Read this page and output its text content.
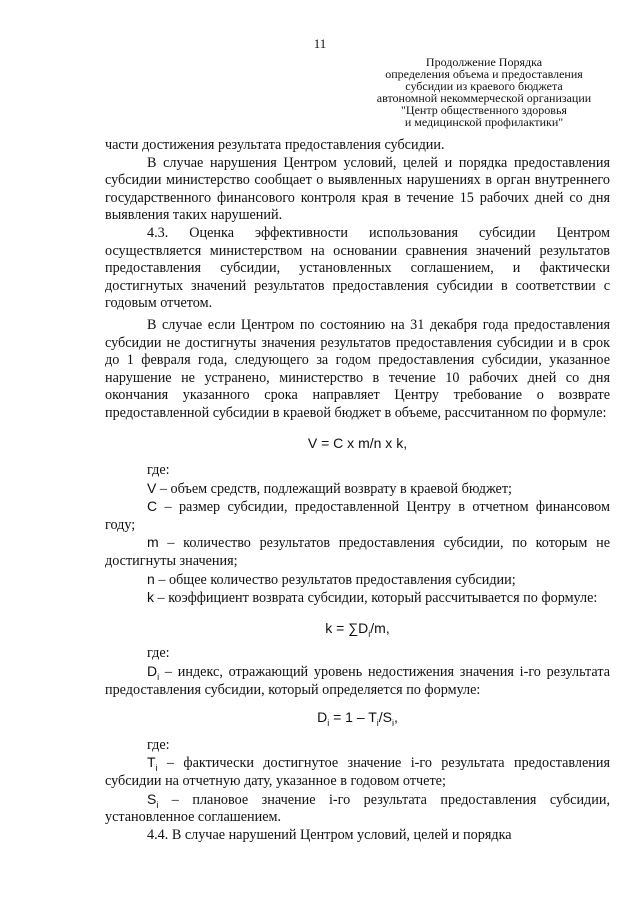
11
Продолжение Порядка
определения объема и предоставления
субсидии из краевого бюджета
автономной некоммерческой организации
"Центр общественного здоровья
и медицинской профилактики"

части достижения результата предоставления субсидии.

В случае нарушения Центром условий, целей и порядка предоставления субсидии министерство сообщает о выявленных нарушениях в орган внутреннего государственного финансового контроля края в течение 15 рабочих дней со дня выявления таких нарушений.

4.3. Оценка эффективности использования субсидии Центром осуществляется министерством на основании сравнения значений результатов предоставления субсидии, установленных соглашением, и фактически достигнутых значений результатов предоставления субсидии в соответствии с годовым отчетом.

В случае если Центром по состоянию на 31 декабря года предоставления субсидии не достигнуты значения результатов предоставления субсидии и в срок до 1 февраля года, следующего за годом предоставления субсидии, указанное нарушение не устранено, министерство в течение 10 рабочих дней со дня окончания указанного срока направляет Центру требование о возврате предоставленной субсидии в краевой бюджет в объеме, рассчитанном по формуле:

V = C x m/n x k,

где:

V – объем средств, подлежащий возврату в краевой бюджет;

C – размер субсидии, предоставленной Центру в отчетном финансовом году;

m – количество результатов предоставления субсидии, по которым не достигнуты значения;

n – общее количество результатов предоставления субсидии;

k – коэффициент возврата субсидии, который рассчитывается по формуле:

$k = \sum D_i/m$,

где:

$D_i$ – индекс, отражающий уровень недостижения значения i-го результата предоставления субсидии, который определяется по формуле:

$D_i = 1 - T_i/S_i$,

где:

$T_i$ – фактически достигнутое значение i-го результата предоставления субсидии на отчетную дату, указанное в годовом отчете;

$S_i$ – плановое значение i-го результата предоставления субсидии, установленное соглашением.

4.4. В случае нарушений Центром условий, целей и порядка
